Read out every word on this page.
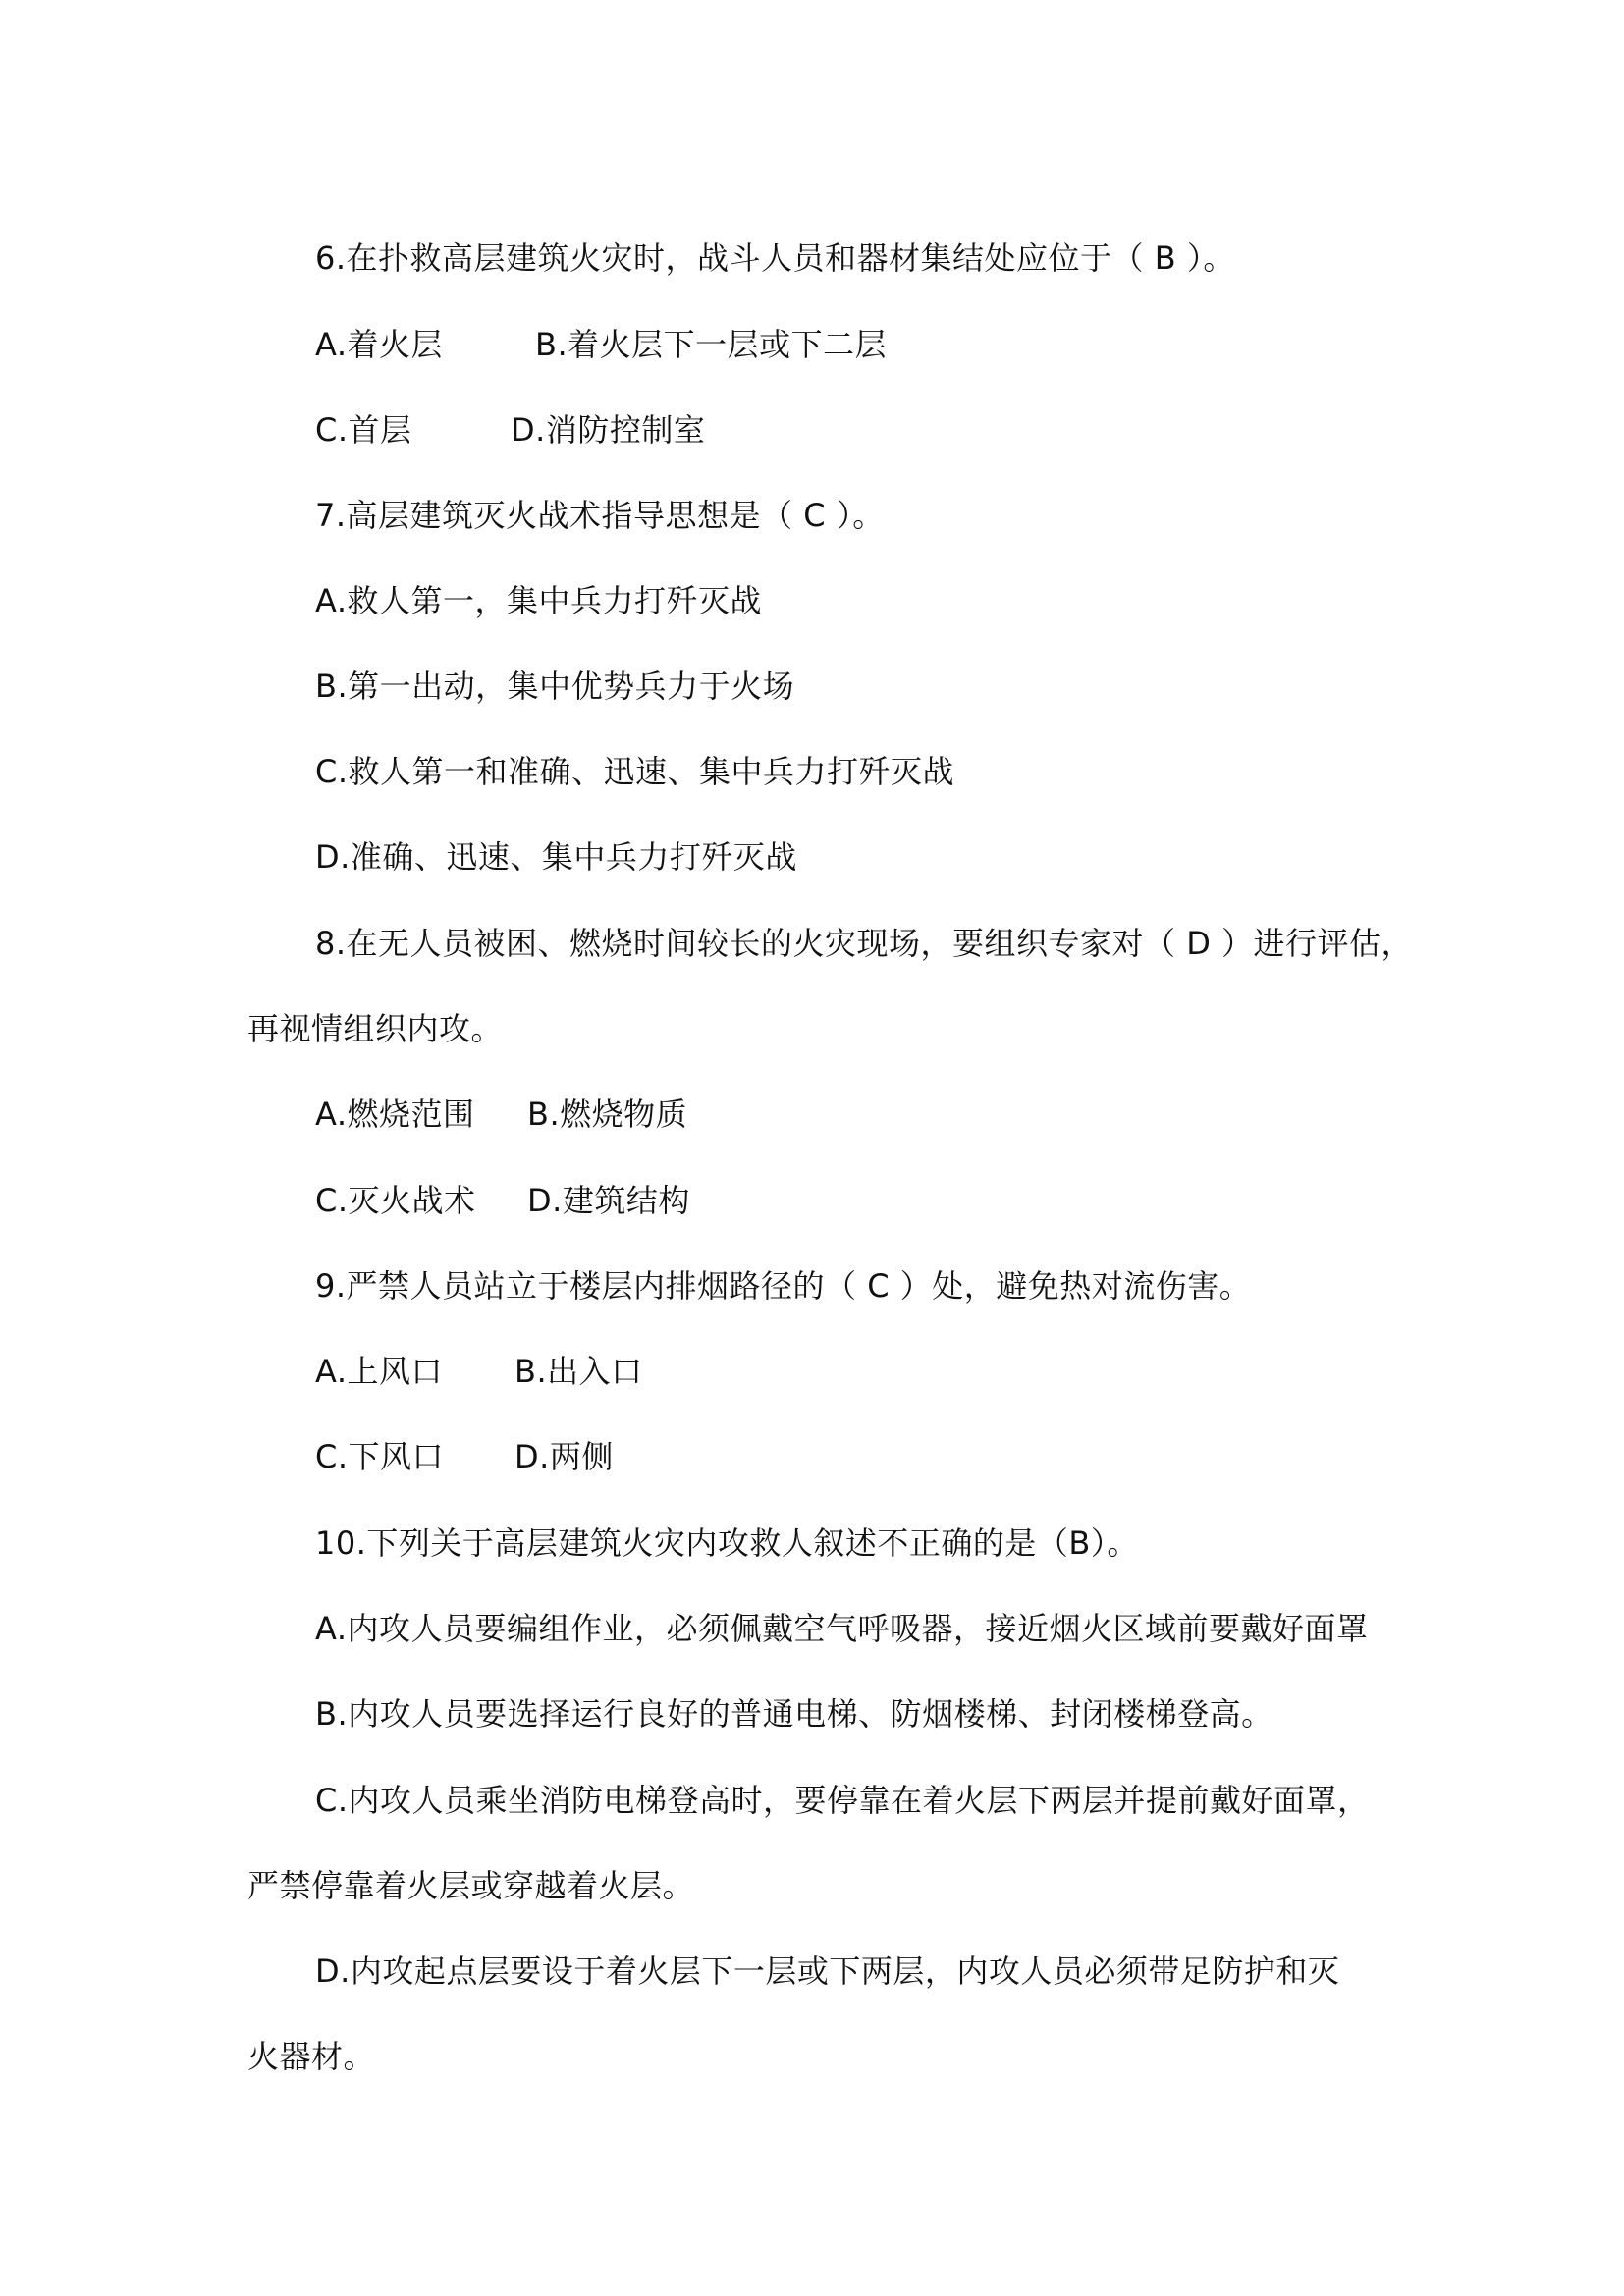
6.在扑救高层建筑火灾时，战斗人员和器材集结处应位于（ B ）。
A.着火层	B.着火层下一层或下二层
C.首层	D.消防控制室
7.高层建筑灭火战术指导思想是（ C ）。
A.救人第一，集中兵力打歼灭战
B.第一出动，集中优势兵力于火场
C.救人第一和准确、迅速、集中兵力打歼灭战
D.准确、迅速、集中兵力打歼灭战
8.在无人员被困、燃烧时间较长的火灾现场，要组织专家对（ D ）进行评估，
再视情组织内攻。
A.燃烧范围 B.燃烧物质
C.灭火战术 D.建筑结构
9.严禁人员站立于楼层内排烟路径的（ C ）处，避免热对流伤害。
A.上风口 B.出入口
C.下风口 D.两侧
10.下列关于高层建筑火灾内攻救人叙述不正确的是（B）。
A.内攻人员要编组作业，必须佩戴空气呼吸器，接近烟火区域前要戴好面罩
B.内攻人员要选择运行良好的普通电梯、防烟楼梯、封闭楼梯登高。
C.内攻人员乘坐消防电梯登高时，要停靠在着火层下两层并提前戴好面罩，
严禁停靠着火层或穿越着火层。
D.内攻起点层要设于着火层下一层或下两层，内攻人员必须带足防护和灭
火器材。
